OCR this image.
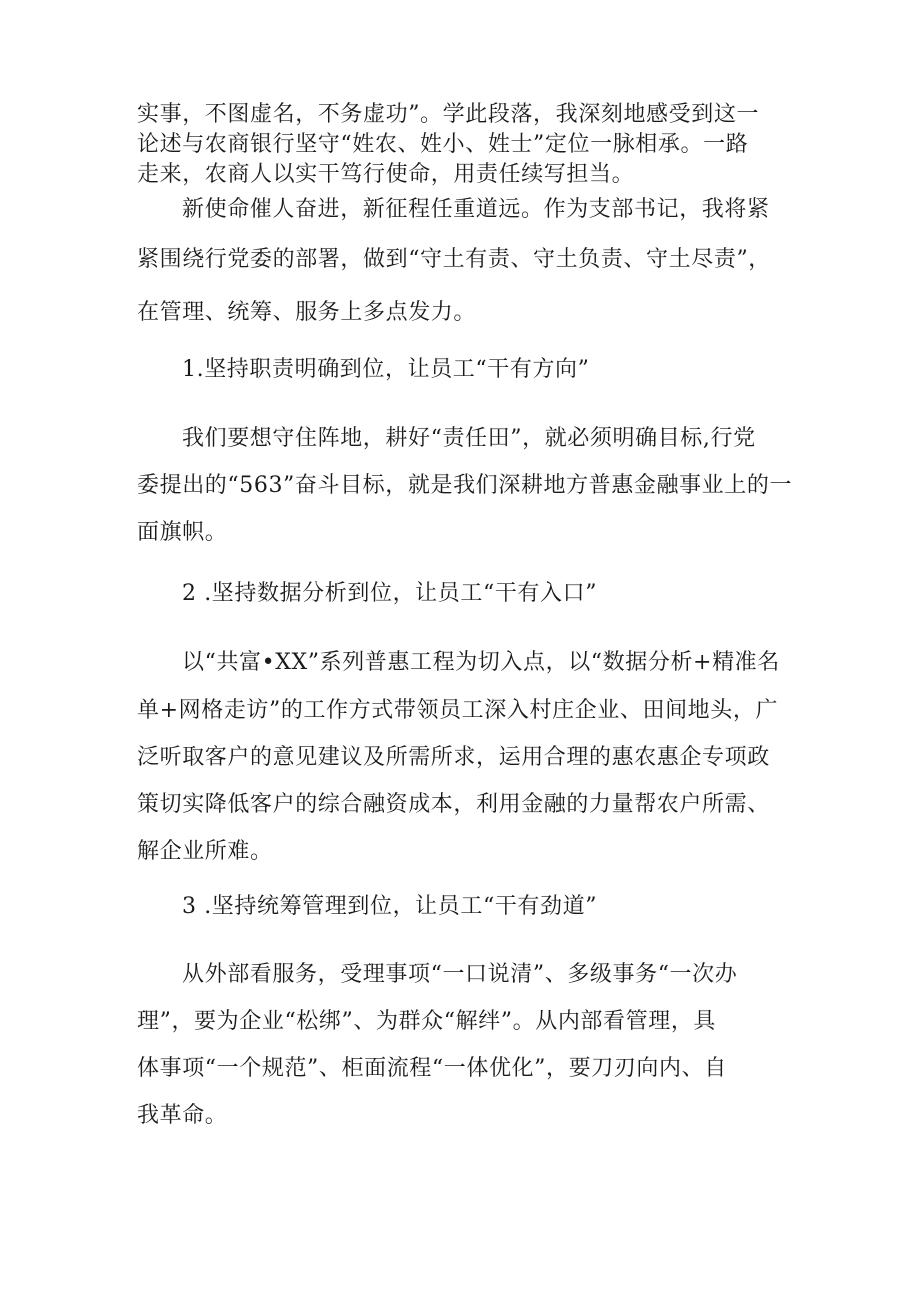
实事，不图虚名，不务虚功”。学此段落，我深刻地感受到这一
论述与农商银行坚守“姓农、姓小、姓士”定位一脉相承。一路
走来，农商人以实干笃行使命，用责任续写担当。
新使命催人奋进，新征程任重道远。作为支部书记，我将紧
紧围绕行党委的部署，做到“守土有责、守土负责、守土尽责”，
在管理、统筹、服务上多点发力。
1.坚持职责明确到位，让员工“干有方向”
我们要想守住阵地，耕好“责任田”，就必须明确目标,行党
委提出的“563”奋斗目标，就是我们深耕地方普惠金融事业上的一
面旗帜。
2 .坚持数据分析到位，让员工“干有入口”
以“共富•XX”系列普惠工程为切入点，以“数据分析+精准名
单+网格走访”的工作方式带领员工深入村庄企业、田间地头，广
泛听取客户的意见建议及所需所求，运用合理的惠农惠企专项政
策切实降低客户的综合融资成本，利用金融的力量帮农户所需、
解企业所难。
3 .坚持统筹管理到位，让员工“干有劲道”
从外部看服务，受理事项“一口说清”、多级事务“一次办
理”，要为企业“松绑”、为群众“解绊”。从内部看管理，具
体事项“一个规范”、柜面流程“一体优化”，要刀刃向内、自
我革命。
